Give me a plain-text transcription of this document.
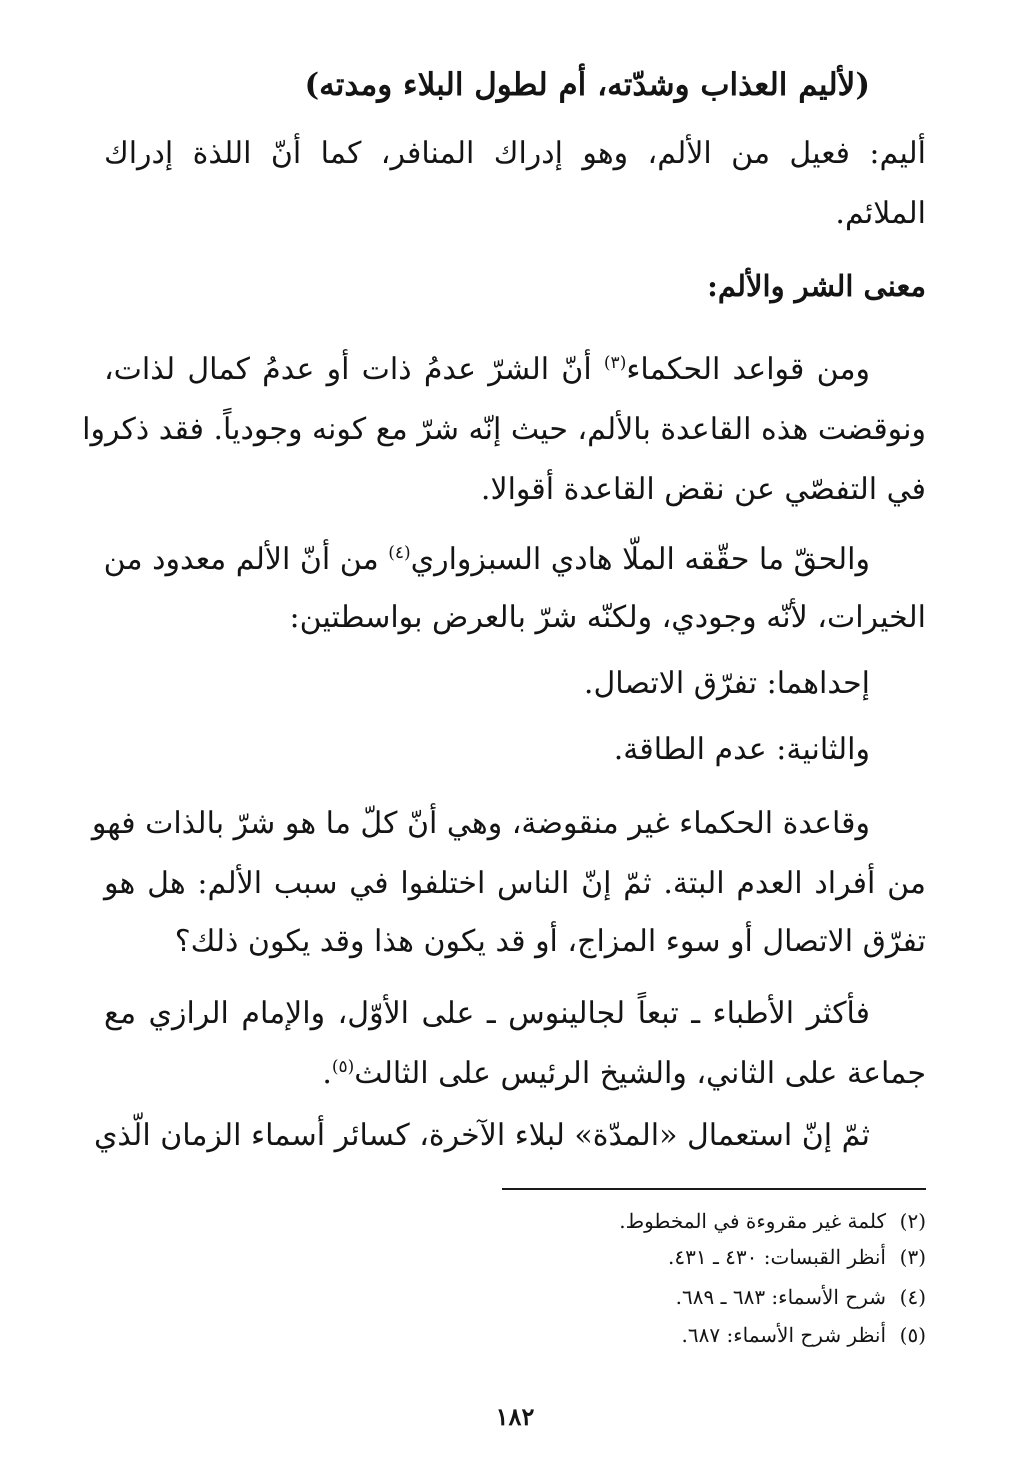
(لأليم العذاب وشدّته، أم لطول البلاء ومدته)
أليم: فعيل من الألم، وهو إدراك المنافر، كما أنّ اللذة إدراك
الملائم.
معنى الشر والألم:
ومن قواعد الحكماء$^{(٣)}$ أنّ الشرّ عدمُ ذات أو عدمُ كمال لذات،
ونوقضت هذه القاعدة بالألم، حيث إنّه شرّ مع كونه وجودياً. فقد ذكروا
في التفصّي عن نقض القاعدة أقوالا.
والحقّ ما حقّقه الملّا هادي السبزواري$^{(٤)}$ من أنّ الألم معدود من
الخيرات، لأنّه وجودي، ولكنّه شرّ بالعرض بواسطتين:
إحداهما: تفرّق الاتصال.
والثانية: عدم الطاقة.
وقاعدة الحكماء غير منقوضة، وهي أنّ كلّ ما هو شرّ بالذات فهو
من أفراد العدم البتة. ثمّ إنّ الناس اختلفوا في سبب الألم: هل هو
تفرّق الاتصال أو سوء المزاج، أو قد يكون هذا وقد يكون ذلك؟
فأكثر الأطباء ـ تبعاً لجالينوس ـ على الأوّل، والإمام الرازي مع
جماعة على الثاني، والشيخ الرئيس على الثالث$^{(٥)}$.
ثمّ إنّ استعمال «المدّة» لبلاء الآخرة، كسائر أسماء الزمان الّذي
(٢)كلمة غير مقروءة في المخطوط.
(٣)أنظر القبسات: ٤٣٠ ـ ٤٣١.
(٤)شرح الأسماء: ٦٨٣ ـ ٦٨٩.
(٥)أنظر شرح الأسماء: ٦٨٧.
١٨٢
